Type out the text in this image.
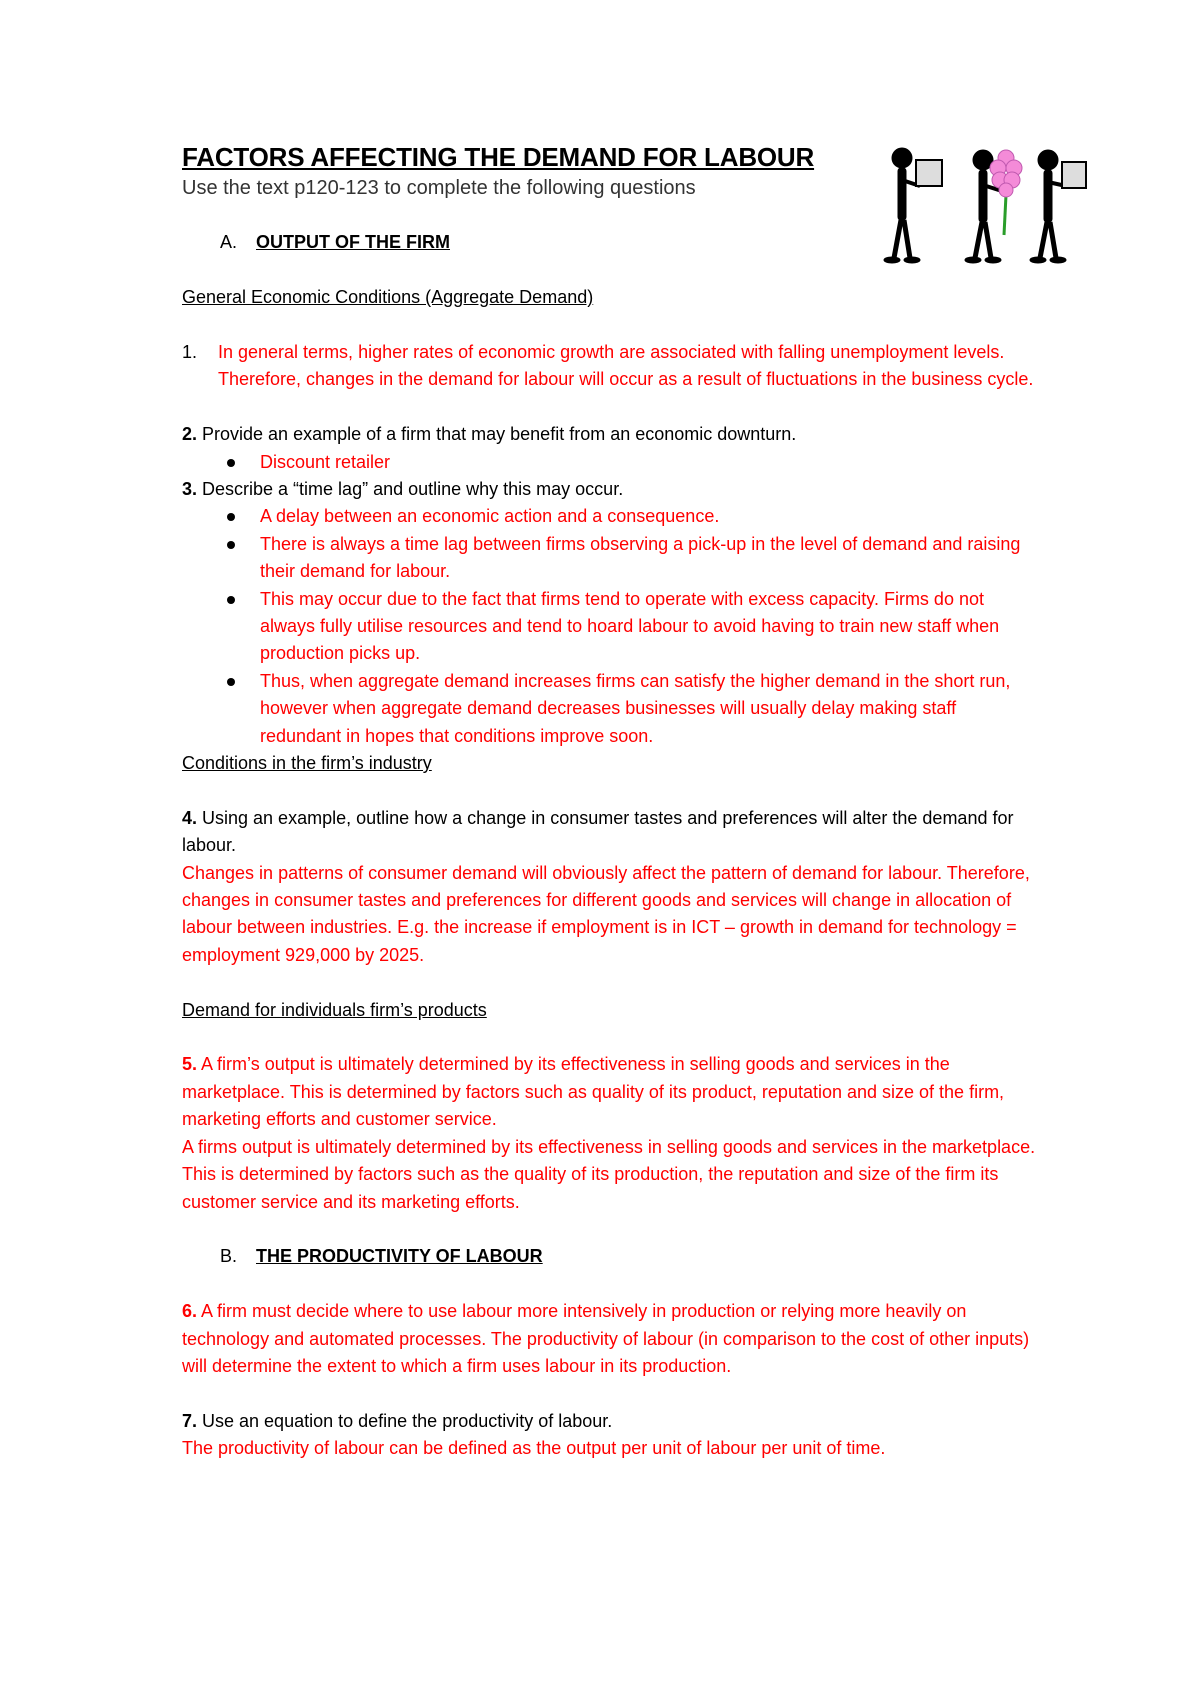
FACTORS AFFECTING THE DEMAND FOR LABOUR

Use the text p120-123 to complete the following questions

A.	OUTPUT OF THE FIRM

General Economic Conditions (Aggregate Demand)

1.	In general terms, higher rates of economic growth are associated with falling unemployment levels. Therefore, changes in the demand for labour will occur as a result of fluctuations in the business cycle.

2. Provide an example of a firm that may benefit from an economic downturn.

Discount retailer

3. Describe a “time lag” and outline why this may occur.

A delay between an economic action and a consequence.
There is always a time lag between firms observing a pick-up in the level of demand and raising their demand for labour.
This may occur due to the fact that firms tend to operate with excess capacity. Firms do not always fully utilise resources and tend to hoard labour to avoid having to train new staff when production picks up.
Thus, when aggregate demand increases firms can satisfy the higher demand in the short run, however when aggregate demand decreases businesses will usually delay making staff redundant in hopes that conditions improve soon.

Conditions in the firm’s industry

4. Using an example, outline how a change in consumer tastes and preferences will alter the demand for labour.

Changes in patterns of consumer demand will obviously affect the pattern of demand for labour. Therefore, changes in consumer tastes and preferences for different goods and services will change in allocation of labour between industries. E.g. the increase if employment is in ICT – growth in demand for technology = employment 929,000 by 2025.

Demand for individuals firm’s products

5. A firm’s output is ultimately determined by its effectiveness in selling goods and services in the marketplace. This is determined by factors such as quality of its product, reputation and size of the firm, marketing efforts and customer service.

A firms output is ultimately determined by its effectiveness in selling goods and services in the marketplace. This is determined by factors such as the quality of its production, the reputation and size of the firm its customer service and its marketing efforts.

B.	THE PRODUCTIVITY OF LABOUR

6. A firm must decide where to use labour more intensively in production or relying more heavily on technology and automated processes. The productivity of labour (in comparison to the cost of other inputs) will determine the extent to which a firm uses labour in its production.

7. Use an equation to define the productivity of labour.

The productivity of labour can be defined as the output per unit of labour per unit of time.
